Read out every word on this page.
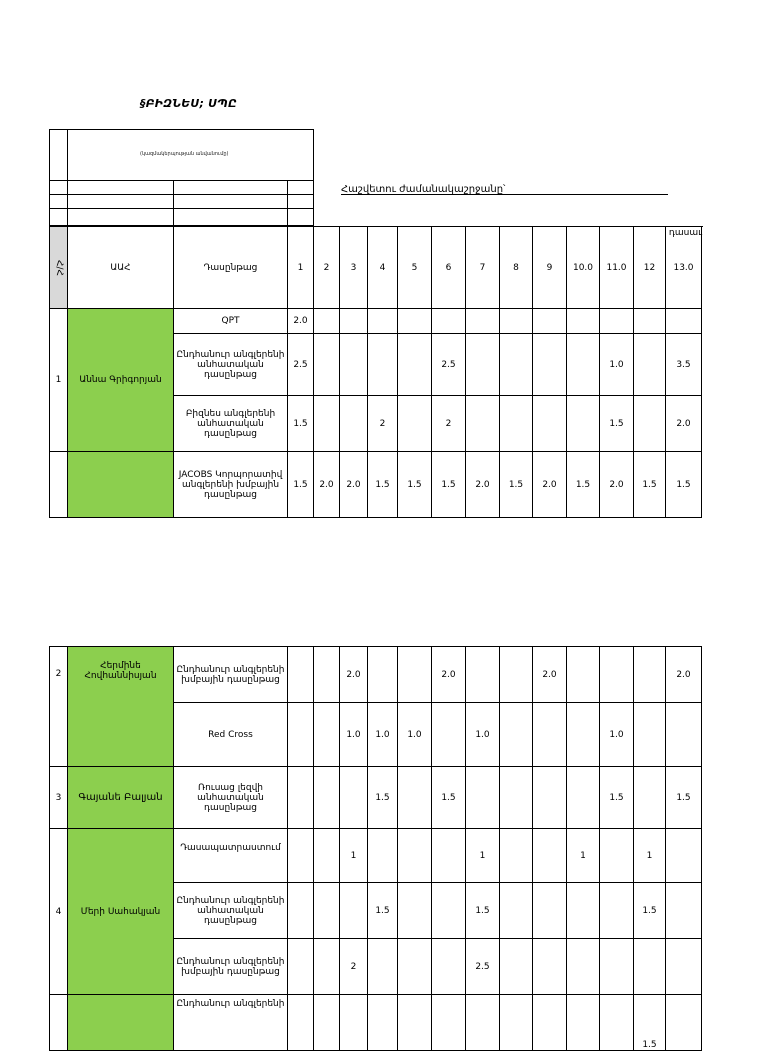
§ԲԻԶՆԵՍ; ՍՊԸ
(կազմակերպության անվանումը)
Հաշվետու ժամանակաշրջանը՝
դասաւ
Հ/Հ	ԱԱՀ	Դասընթաց	1	2	3	4	5	6	7	8	9	10.0	11.0	12	13.0
1	Աննա Գրիգորյան	QPT	2.0												
		Ընդհանուր անգլերենի անհատական դասընթաց	2.5					2.5					1.0		3.5
		Բիզնես անգլերենի անհատական դասընթաց	1.5			2		2					1.5		2.0
		JACOBS Կորպորատիվ անգլերենի խմբային դասընթաց	1.5	2.0	2.0	1.5	1.5	1.5	2.0	1.5	2.0	1.5	2.0	1.5	1.5
2	Հերմինե Հովհաննիսյան	Ընդհանուր անգլերենի խմբային դասընթաց			2.0			2.0			2.0				2.0
		Red Cross			1.0	1.0	1.0		1.0				1.0		
3	Գայանե Բալյան	Ռուսաց լեզվի անհատական դասընթաց				1.5		1.5					1.5		1.5
4	Մերի Սահակյան	Դասապատրաստում			1				1			1		1	
		Ընդհանուր անգլերենի անհատական դասընթաց				1.5			1.5					1.5	
		Ընդհանուր անգլերենի խմբային դասընթաց			2				2.5						
		Ընդհանուր անգլերենի												1.5	
